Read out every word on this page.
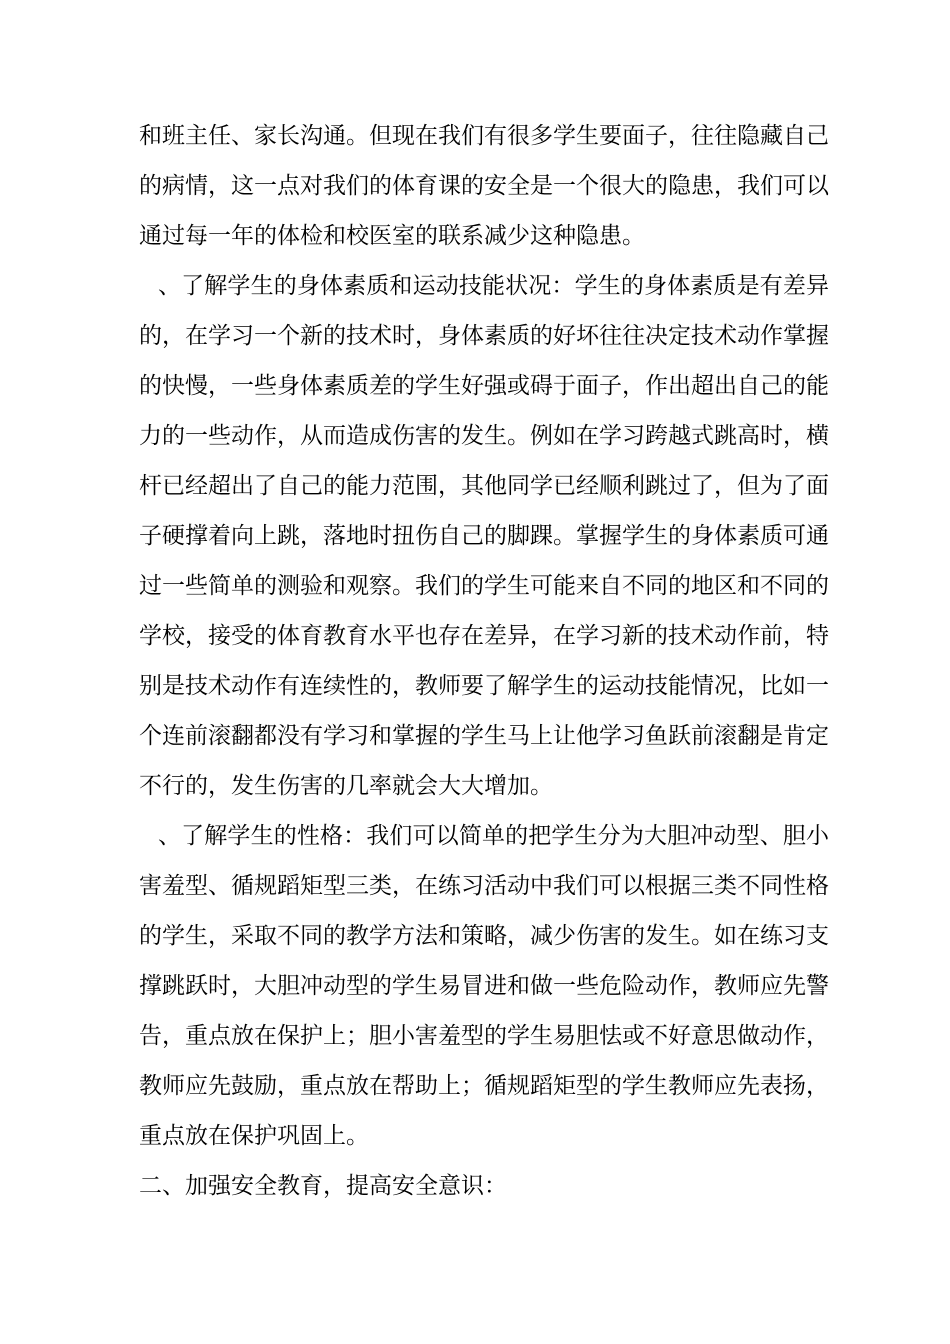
和班主任、家长沟通。但现在我们有很多学生要面子，往往隐藏自己
的病情，这一点对我们的体育课的安全是一个很大的隐患，我们可以
通过每一年的体检和校医室的联系减少这种隐患。
、了解学生的身体素质和运动技能状况：学生的身体素质是有差异
的，在学习一个新的技术时，身体素质的好坏往往决定技术动作掌握
的快慢，一些身体素质差的学生好强或碍于面子，作出超出自己的能
力的一些动作，从而造成伤害的发生。例如在学习跨越式跳高时，横
杆已经超出了自己的能力范围，其他同学已经顺利跳过了，但为了面
子硬撑着向上跳，落地时扭伤自己的脚踝。掌握学生的身体素质可通
过一些简单的测验和观察。我们的学生可能来自不同的地区和不同的
学校，接受的体育教育水平也存在差异，在学习新的技术动作前，特
别是技术动作有连续性的，教师要了解学生的运动技能情况，比如一
个连前滚翻都没有学习和掌握的学生马上让他学习鱼跃前滚翻是肯定
不行的，发生伤害的几率就会大大增加。
、了解学生的性格：我们可以简单的把学生分为大胆冲动型、胆小
害羞型、循规蹈矩型三类，在练习活动中我们可以根据三类不同性格
的学生，采取不同的教学方法和策略，减少伤害的发生。如在练习支
撑跳跃时，大胆冲动型的学生易冒进和做一些危险动作，教师应先警
告，重点放在保护上；胆小害羞型的学生易胆怯或不好意思做动作，
教师应先鼓励，重点放在帮助上；循规蹈矩型的学生教师应先表扬，
重点放在保护巩固上。
二、加强安全教育，提高安全意识：
